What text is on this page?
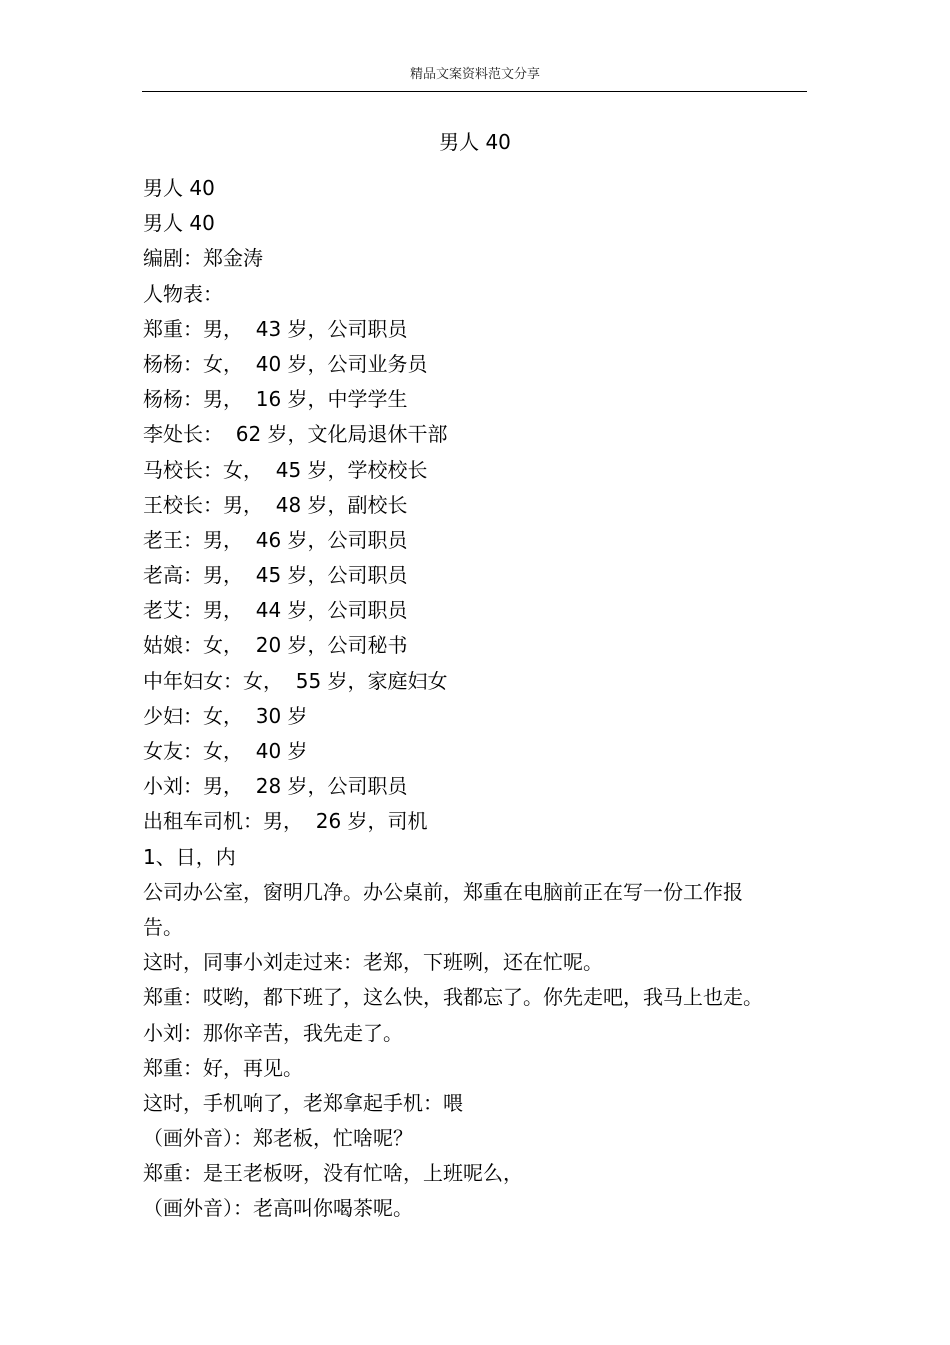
精品文案资料范文分享
男人 40
男人 40
男人 40
编剧：郑金涛
人物表：
郑重：男，  43 岁，公司职员
杨杨：女，  40 岁，公司业务员
杨杨：男，  16 岁，中学学生
李处长：  62 岁，文化局退休干部
马校长：女，  45 岁，学校校长
王校长：男，  48 岁，副校长
老王：男，  46 岁，公司职员
老高：男，  45 岁，公司职员
老艾：男，  44 岁，公司职员
姑娘：女，  20 岁，公司秘书
中年妇女：女，  55 岁，家庭妇女
少妇：女，  30 岁
女友：女，  40 岁
小刘：男，  28 岁，公司职员
出租车司机：男，  26 岁，司机
1、日，内
公司办公室，窗明几净。办公桌前，郑重在电脑前正在写一份工作报
告。
这时，同事小刘走过来：老郑，下班咧，还在忙呢。
郑重：哎哟，都下班了，这么快，我都忘了。你先走吧，我马上也走。
小刘：那你辛苦，我先走了。
郑重：好，再见。
这时，手机响了，老郑拿起手机：喂
（画外音）：郑老板，忙啥呢？
郑重：是王老板呀，没有忙啥，上班呢么，
（画外音）：老高叫你喝茶呢。
